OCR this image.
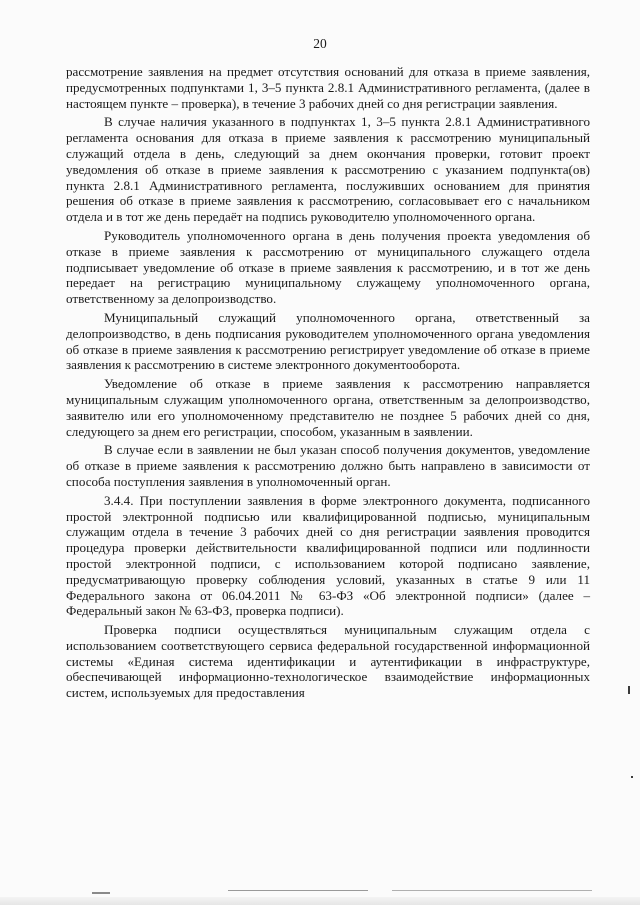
20

рассмотрение заявления на предмет отсутствия оснований для отказа в приеме заявления, предусмотренных подпунктами 1, 3–5 пункта 2.8.1 Административного регламента, (далее в настоящем пункте – проверка), в течение 3 рабочих дней со дня регистрации заявления.

В случае наличия указанного в подпунктах 1, 3–5 пункта 2.8.1 Административного регламента основания для отказа в приеме заявления к рассмотрению муниципальный служащий отдела в день, следующий за днем окончания проверки, готовит проект уведомления об отказе в приеме заявления к рассмотрению с указанием подпункта(ов) пункта 2.8.1 Административного регламента, послуживших основанием для принятия решения об отказе в приеме заявления к рассмотрению, согласовывает его с начальником отдела и в тот же день передаёт на подпись руководителю уполномоченного органа.

Руководитель уполномоченного органа в день получения проекта уведомления об отказе в приеме заявления к рассмотрению от муниципального служащего отдела подписывает уведомление об отказе в приеме заявления к рассмотрению, и в тот же день передает на регистрацию муниципальному служащему уполномоченного органа, ответственному за делопроизводство.

Муниципальный служащий уполномоченного органа, ответственный за делопроизводство, в день подписания руководителем уполномоченного органа уведомления об отказе в приеме заявления к рассмотрению регистрирует уведомление об отказе в приеме заявления к рассмотрению в системе электронного документооборота.

Уведомление об отказе в приеме заявления к рассмотрению направляется муниципальным служащим уполномоченного органа, ответственным за делопроизводство, заявителю или его уполномоченному представителю не позднее 5 рабочих дней со дня, следующего за днем его регистрации, способом, указанным в заявлении.

В случае если в заявлении не был указан способ получения документов, уведомление об отказе в приеме заявления к рассмотрению должно быть направлено в зависимости от способа поступления заявления в уполномоченный орган.

3.4.4. При поступлении заявления в форме электронного документа, подписанного простой электронной подписью или квалифицированной подписью, муниципальным служащим отдела в течение 3 рабочих дней со дня регистрации заявления проводится процедура проверки действительности квалифицированной подписи или подлинности простой электронной подписи, с использованием которой подписано заявление, предусматривающую проверку соблюдения условий, указанных в статье 9 или 11 Федерального закона от 06.04.2011 № 63-ФЗ «Об электронной подписи» (далее – Федеральный закон № 63-ФЗ, проверка подписи).

Проверка подписи осуществляться муниципальным служащим отдела с использованием соответствующего сервиса федеральной государственной информационной системы «Единая система идентификации и аутентификации в инфраструктуре, обеспечивающей информационно-технологическое взаимодействие информационных систем, используемых для предоставления
